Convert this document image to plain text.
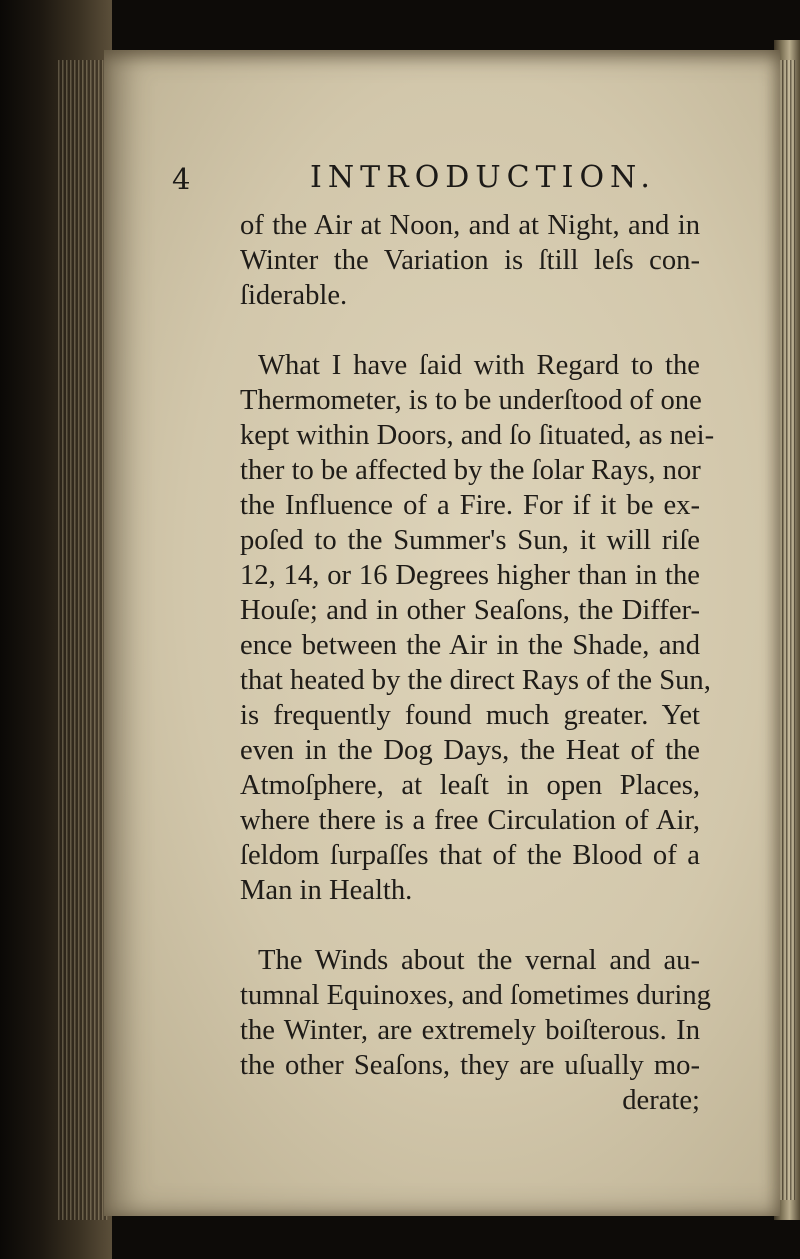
4	INTRODUCTION.
of the Air at Noon, and at Night, and in
Winter the Variation is ſtill leſs con-
ſiderable.
What I have ſaid with Regard to the
Thermometer, is to be underſtood of one
kept within Doors, and ſo ſituated, as nei-
ther to be affected by the ſolar Rays, nor
the Influence of a Fire. For if it be ex-
poſed to the Summer's Sun, it will riſe
12, 14, or 16 Degrees higher than in the
Houſe; and in other Seaſons, the Differ-
ence between the Air in the Shade, and
that heated by the direct Rays of the Sun,
is frequently found much greater. Yet
even in the Dog Days, the Heat of the
Atmoſphere, at leaſt in open Places,
where there is a free Circulation of Air,
ſeldom ſurpaſſes that of the Blood of a
Man in Health.
The Winds about the vernal and au-
tumnal Equinoxes, and ſometimes during
the Winter, are extremely boiſterous. In
the other Seaſons, they are uſually mo-
derate;
